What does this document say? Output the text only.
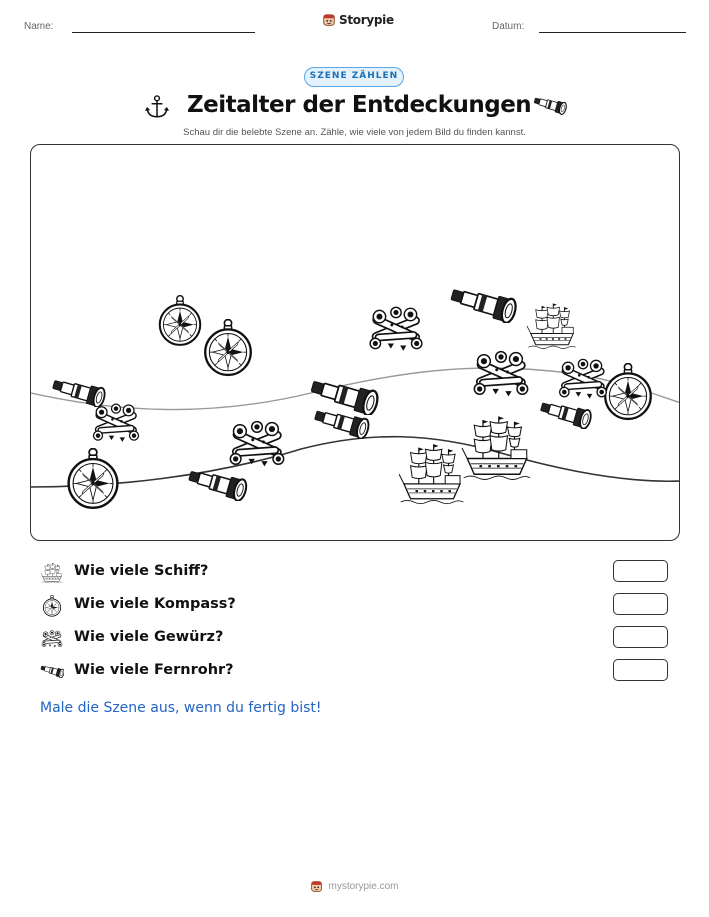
Name:	Storypie	Datum:
SZENE ZÄHLEN
Zeitalter der Entdeckungen
Schau dir die belebte Szene an. Zähle, wie viele von jedem Bild du finden kannst.
Wie viele Schiff?
Wie viele Kompass?
Wie viele Gewürz?
Wie viele Fernrohr?
Male die Szene aus, wenn du fertig bist!
mystorypie.com
